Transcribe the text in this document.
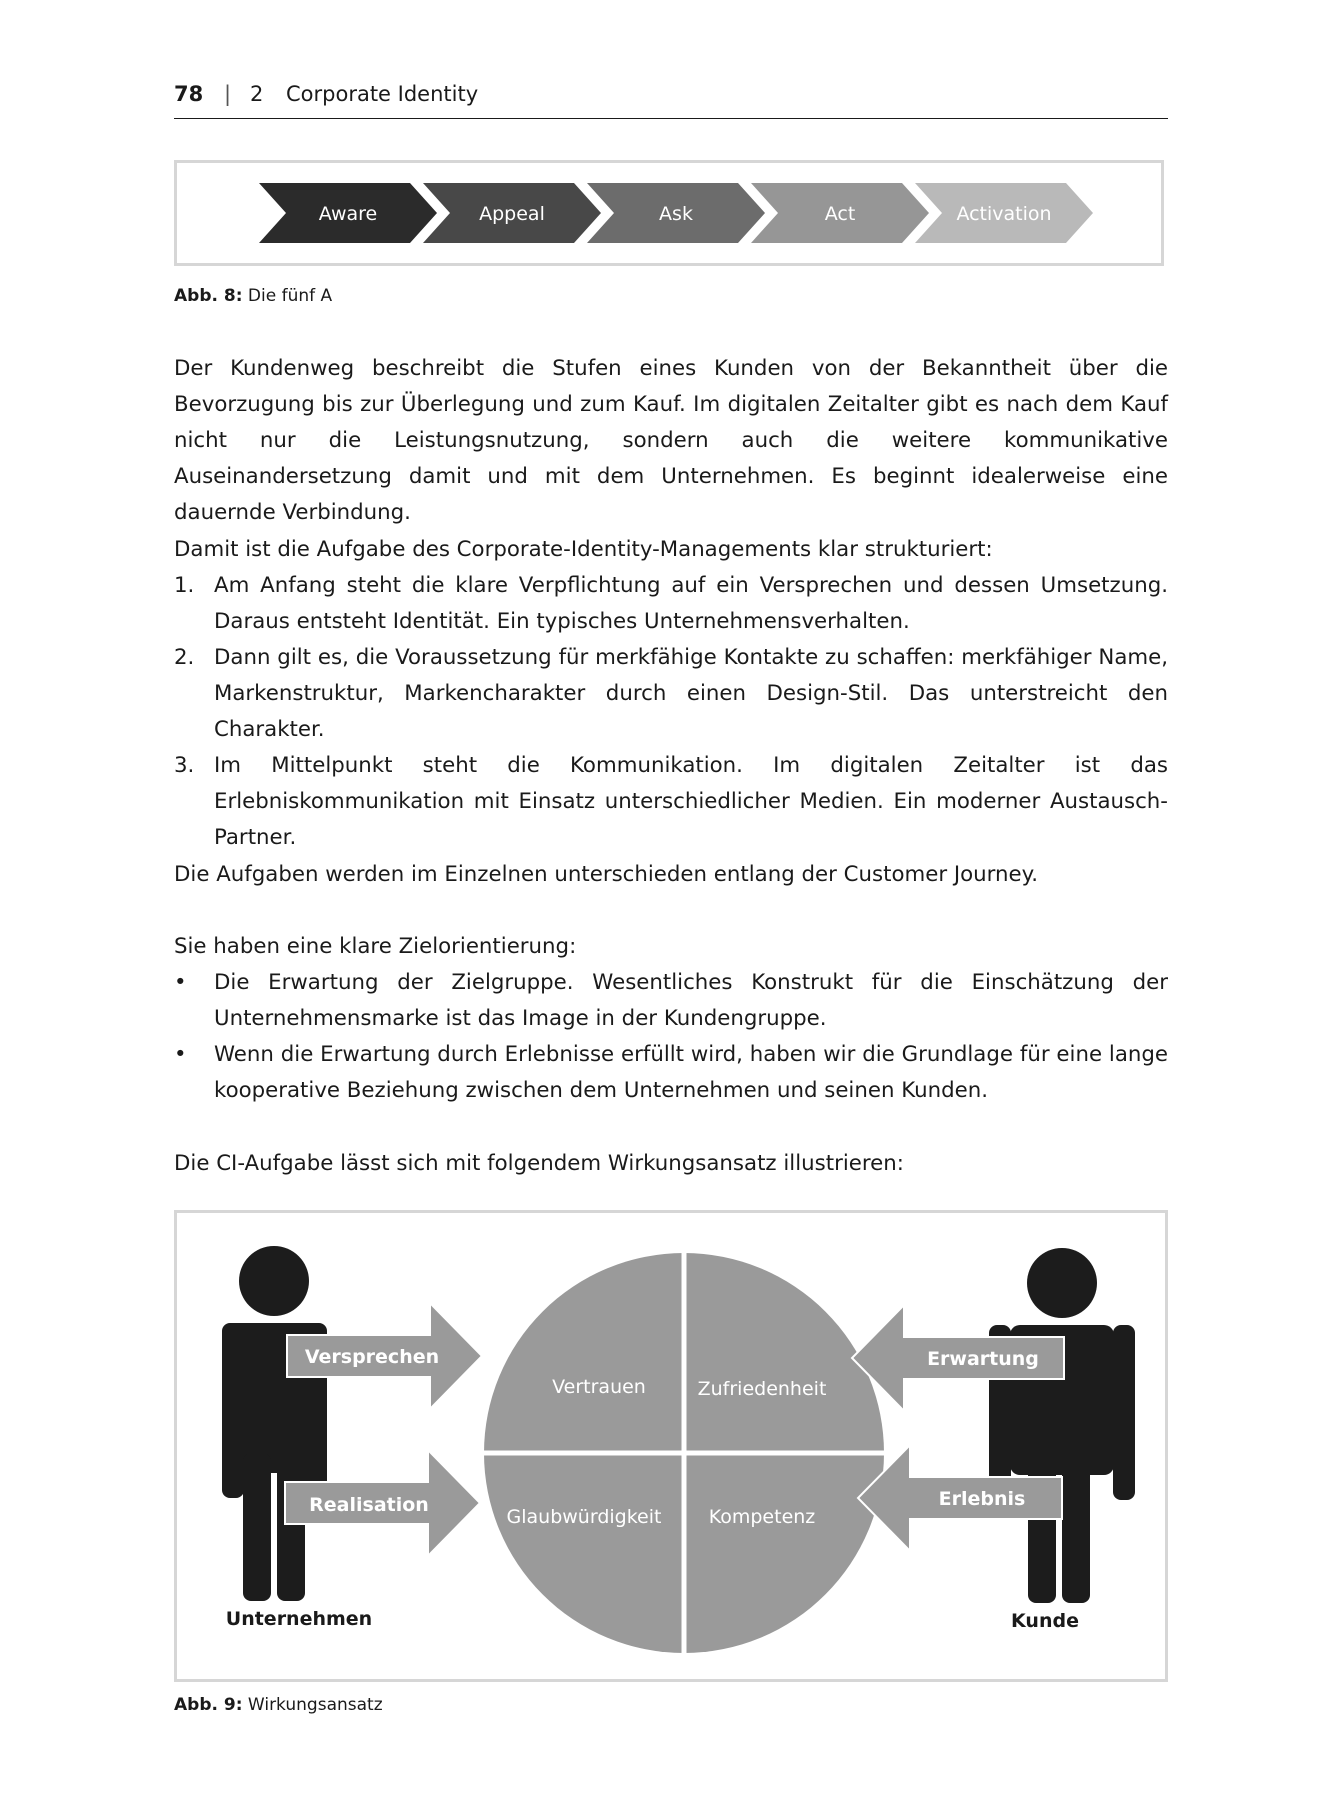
78 | 2 Corporate Identity
Aware	Appeal	Ask	Act	Activation
Abb. 8: Die fünf A

Der Kundenweg beschreibt die Stufen eines Kunden von der Bekanntheit über die Bevorzugung bis zur Überlegung und zum Kauf. Im digitalen Zeitalter gibt es nach dem Kauf nicht nur die Leistungsnutzung, sondern auch die weitere kommunikative Auseinandersetzung damit und mit dem Unternehmen. Es beginnt idealerweise eine dauernde Verbindung.

Damit ist die Aufgabe des Corporate-Identity-Managements klar strukturiert:

1. Am Anfang steht die klare Verpflichtung auf ein Versprechen und dessen Umsetzung. Daraus entsteht Identität. Ein typisches Unternehmensverhalten.
2. Dann gilt es, die Voraussetzung für merkfähige Kontakte zu schaffen: merkfähiger Name, Markenstruktur, Markencharakter durch einen Design-Stil. Das unterstreicht den Charakter.
3. Im Mittelpunkt steht die Kommunikation. Im digitalen Zeitalter ist das Erlebniskommunikation mit Einsatz unterschiedlicher Medien. Ein moderner Austausch-Partner.

Die Aufgaben werden im Einzelnen unterschieden entlang der Customer Journey.

Sie haben eine klare Zielorientierung:

• Die Erwartung der Zielgruppe. Wesentliches Konstrukt für die Einschätzung der Unternehmensmarke ist das Image in der Kundengruppe.
• Wenn die Erwartung durch Erlebnisse erfüllt wird, haben wir die Grundlage für eine lange kooperative Beziehung zwischen dem Unternehmen und seinen Kunden.

Die CI-Aufgabe lässt sich mit folgendem Wirkungsansatz illustrieren:

Vertrauen	Zufriedenheit
Glaubwürdigkeit Kompetenz
Versprechen
Realisation
Erwartung
Erlebnis
Unternehmen	Kunde
Abb. 9: Wirkungsansatz
